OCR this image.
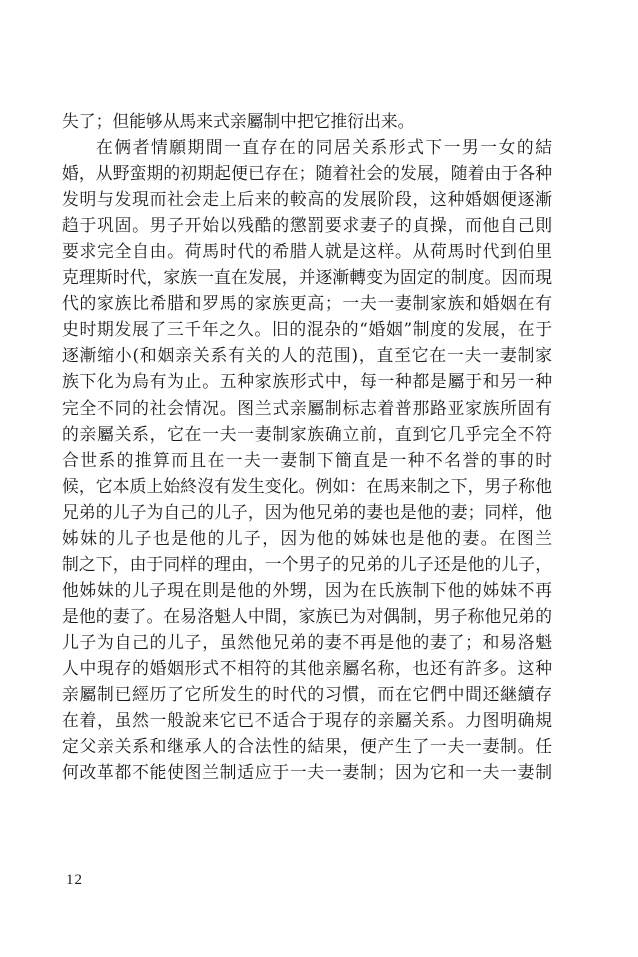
失了；但能够从馬来式亲屬制中把它推衍出来。
在俩者情願期間一直存在的同居关系形式下一男一女的結
婚，从野蛮期的初期起便已存在；随着社会的发展，随着由于各种
发明与发現而社会走上后来的較高的发展阶段，这种婚姻便逐漸
趋于巩固。男子开始以残酷的懲罰要求妻子的貞操，而他自己則
要求完全自由。荷馬时代的希腊人就是这样。从荷馬时代到伯里
克理斯时代，家族一直在发展，并逐漸轉变为固定的制度。因而現
代的家族比希腊和罗馬的家族更高；一夫一妻制家族和婚姻在有
史时期发展了三千年之久。旧的混杂的“婚姻”制度的发展，在于
逐漸缩小(和姻亲关系有关的人的范围)，直至它在一夫一妻制家
族下化为烏有为止。五种家族形式中，每一种都是屬于和另一种
完全不同的社会情况。图兰式亲屬制标志着普那路亚家族所固有
的亲屬关系，它在一夫一妻制家族确立前，直到它几乎完全不符
合世系的推算而且在一夫一妻制下簡直是一种不名誉的事的时
候，它本质上始終沒有发生变化。例如：在馬来制之下，男子称他
兄弟的儿子为自己的儿子，因为他兄弟的妻也是他的妻；同样，他
姊妹的儿子也是他的儿子，因为他的姊妹也是他的妻。在图兰
制之下，由于同样的理由，一个男子的兄弟的儿子还是他的儿子，
他姊妹的儿子現在則是他的外甥，因为在氏族制下他的姊妹不再
是他的妻了。在易洛魁人中間，家族已为对偶制，男子称他兄弟的
儿子为自己的儿子，虽然他兄弟的妻不再是他的妻了；和易洛魁
人中現存的婚姻形式不相符的其他亲屬名称，也还有許多。这种
亲屬制已經历了它所发生的时代的习慣，而在它們中間还継續存
在着，虽然一般說来它已不适合于現存的亲屬关系。力图明确規
定父亲关系和继承人的合法性的結果，便产生了一夫一妻制。任
何改革都不能使图兰制适应于一夫一妻制；因为它和一夫一妻制
12
